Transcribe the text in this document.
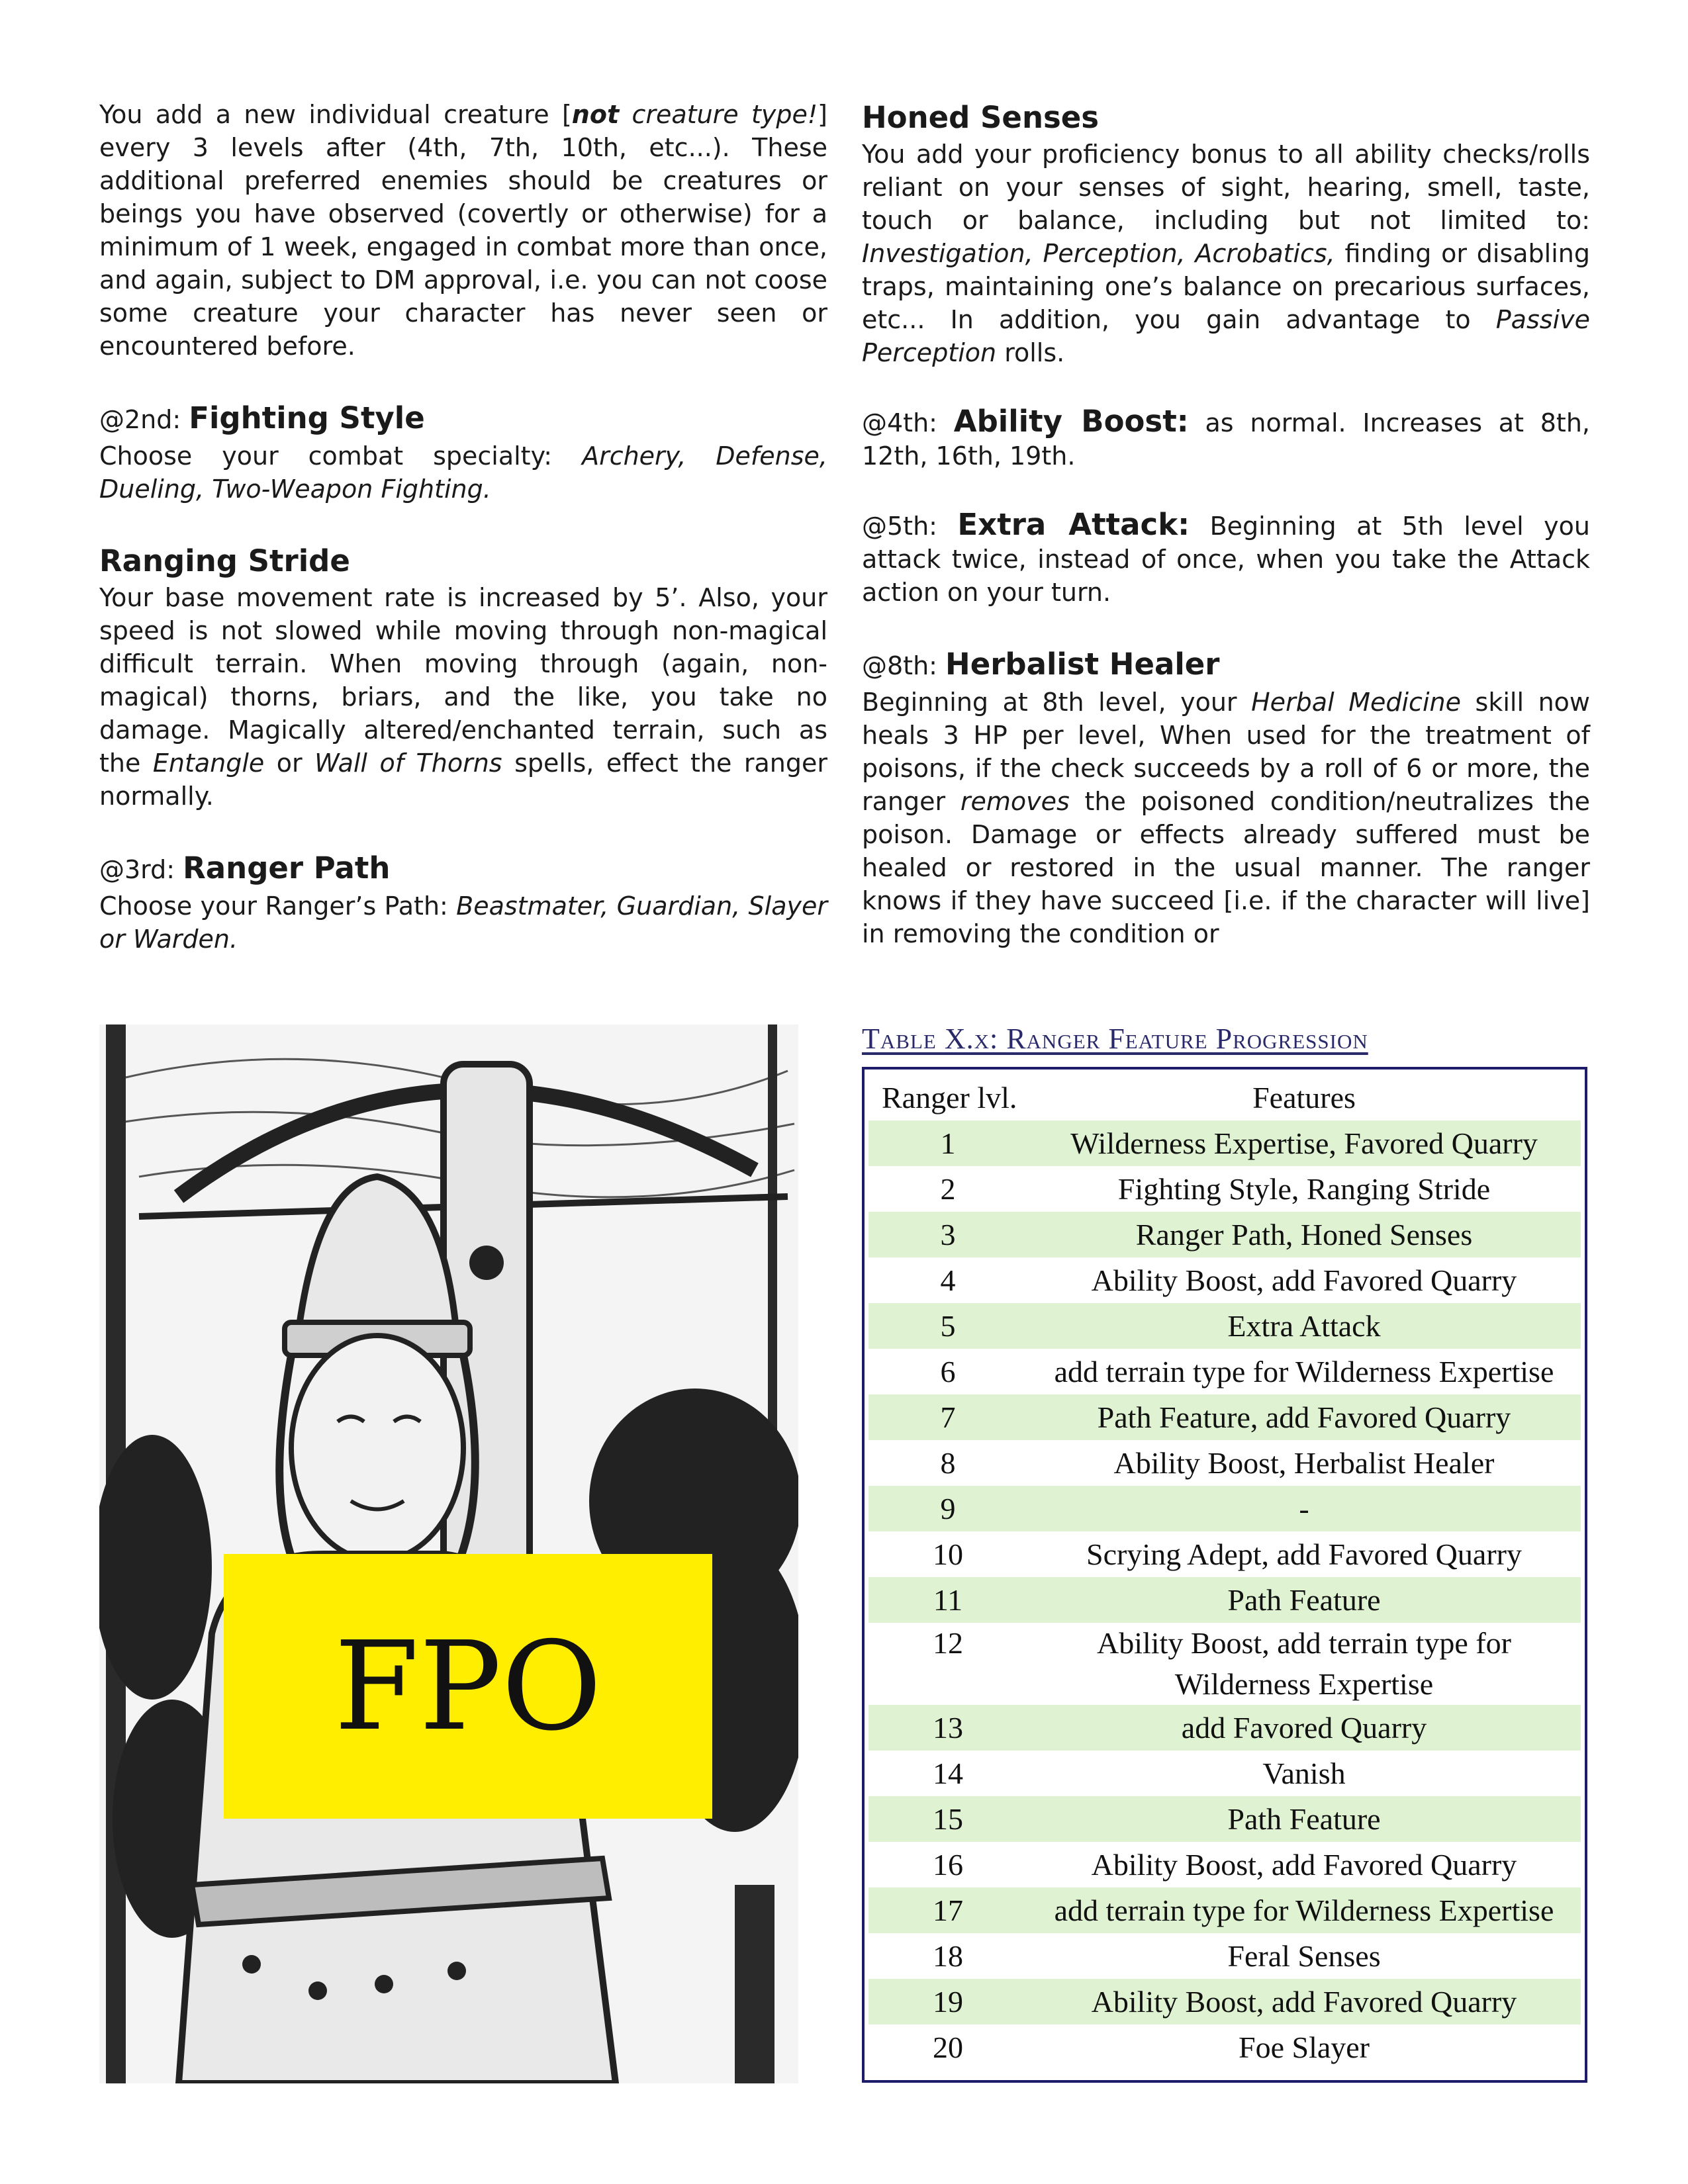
You add a new individual creature [not creature type!] every 3 levels after (4th, 7th, 10th, etc...). These additional preferred enemies should be creatures or beings you have observed (covertly or otherwise) for a minimum of 1 week, engaged in combat more than once, and again, subject to DM approval, i.e. you can not coose some creature your character has never seen or encountered before.

@2nd: Fighting Style

Choose your combat specialty: Archery, Defense, Dueling, Two-Weapon Fighting.

Ranging Stride

Your base movement rate is increased by 5’. Also, your speed is not slowed while moving through non-magical difficult terrain. When moving through (again, non-magical) thorns, briars, and the like, you take no damage. Magically altered/enchanted terrain, such as the Entangle or Wall of Thorns spells, effect the ranger normally.

@3rd: Ranger Path

Choose your Ranger’s Path: Beastmater, Guardian, Slayer or Warden.

Honed Senses

You add your proficiency bonus to all ability checks/rolls reliant on your senses of sight, hearing, smell, taste, touch or balance, including but not limited to: Investigation, Perception, Acrobatics, finding or disabling traps, maintaining one’s balance on precarious surfaces, etc... In addition, you gain advantage to Passive Perception rolls.

@4th: Ability Boost: as normal. Increases at 8th, 12th, 16th, 19th.

@5th: Extra Attack: Beginning at 5th level you attack twice, instead of once, when you take the Attack action on your turn.

@8th: Herbalist Healer

Beginning at 8th level, your Herbal Medicine skill now heals 3 HP per level, When used for the treatment of poisons, if the check succeeds by a roll of 6 or more, the ranger removes the poisoned condition/neutralizes the poison. Damage or effects already suffered must be healed or restored in the usual manner. The ranger knows if they have succeed [i.e. if the character will live] in removing the condition or

FPO
Table X.x: Ranger Feature Progression
Ranger lvl.	Features
1	Wilderness Expertise, Favored Quarry
2	Fighting Style, Ranging Stride
3	Ranger Path, Honed Senses
4	Ability Boost, add Favored Quarry
5	Extra Attack
6	add terrain type for Wilderness Expertise
7	Path Feature, add Favored Quarry
8	Ability Boost, Herbalist Healer
9	-
10	Scrying Adept, add Favored Quarry
11	Path Feature
12	Ability Boost, add terrain type for Wilderness Expertise
13	add Favored Quarry
14	Vanish
15	Path Feature
16	Ability Boost, add Favored Quarry
17	add terrain type for Wilderness Expertise
18	Feral Senses
19	Ability Boost, add Favored Quarry
20	Foe Slayer
